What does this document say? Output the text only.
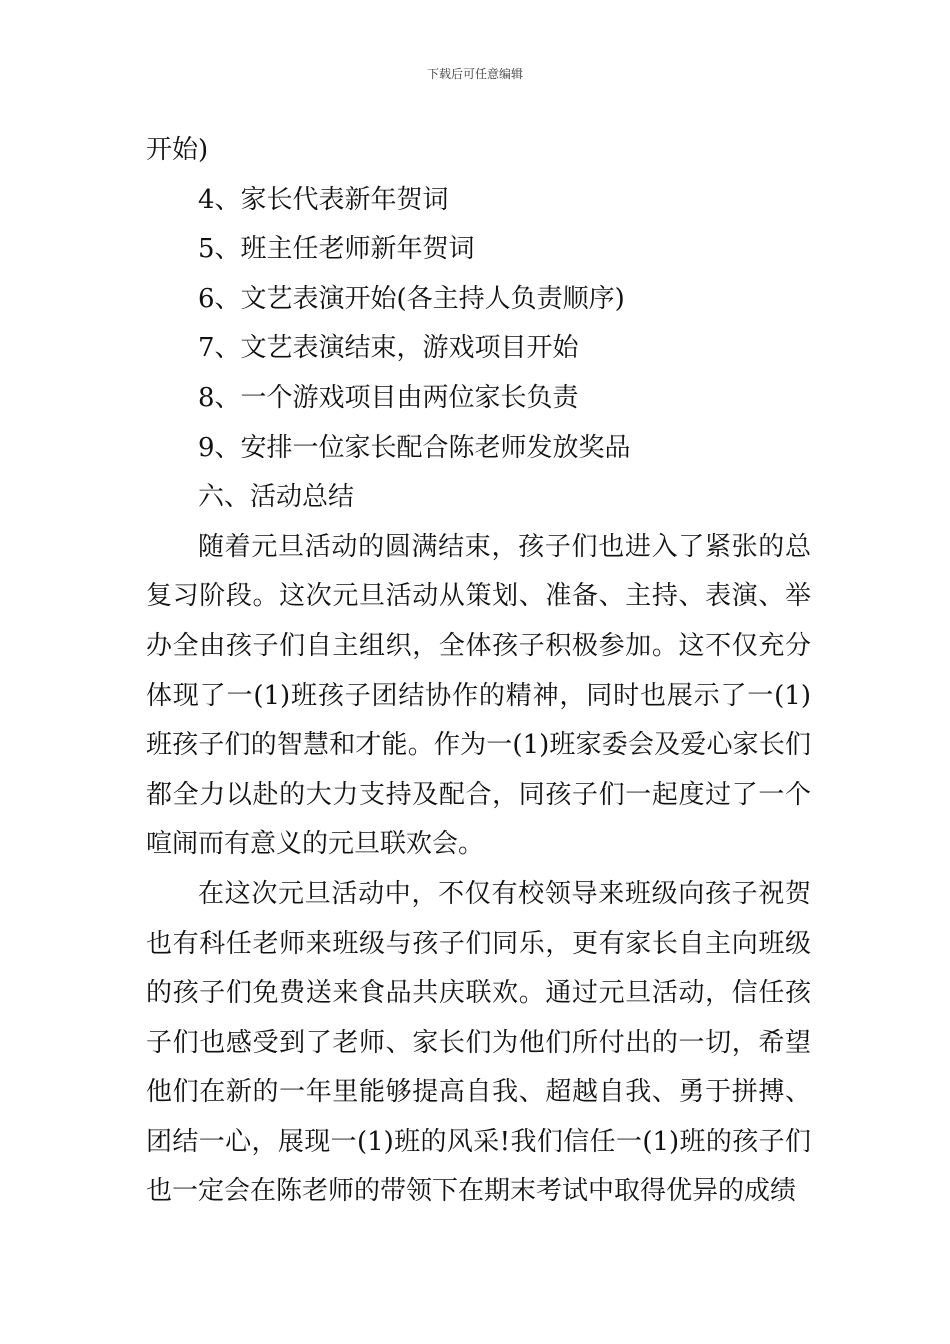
下载后可任意编辑
开始)
4、家长代表新年贺词
5、班主任老师新年贺词
6、文艺表演开始(各主持人负责顺序)
7、文艺表演结束，游戏项目开始
8、一个游戏项目由两位家长负责
9、安排一位家长配合陈老师发放奖品
六、活动总结
随着元旦活动的圆满结束，孩子们也进入了紧张的总复习阶段。这次元旦活动从策划、准备、主持、表演、举办全由孩子们自主组织，全体孩子积极参加。这不仅充分体现了一(1)班孩子团结协作的精神，同时也展示了一(1)班孩子们的智慧和才能。作为一(1)班家委会及爱心家长们都全力以赴的大力支持及配合，同孩子们一起度过了一个喧闹而有意义的元旦联欢会。
在这次元旦活动中，不仅有校领导来班级向孩子祝贺也有科任老师来班级与孩子们同乐，更有家长自主向班级的孩子们免费送来食品共庆联欢。通过元旦活动，信任孩子们也感受到了老师、家长们为他们所付出的一切，希望他们在新的一年里能够提高自我、超越自我、勇于拼搏、团结一心，展现一(1)班的风采!我们信任一(1)班的孩子们也一定会在陈老师的带领下在期末考试中取得优异的成绩
